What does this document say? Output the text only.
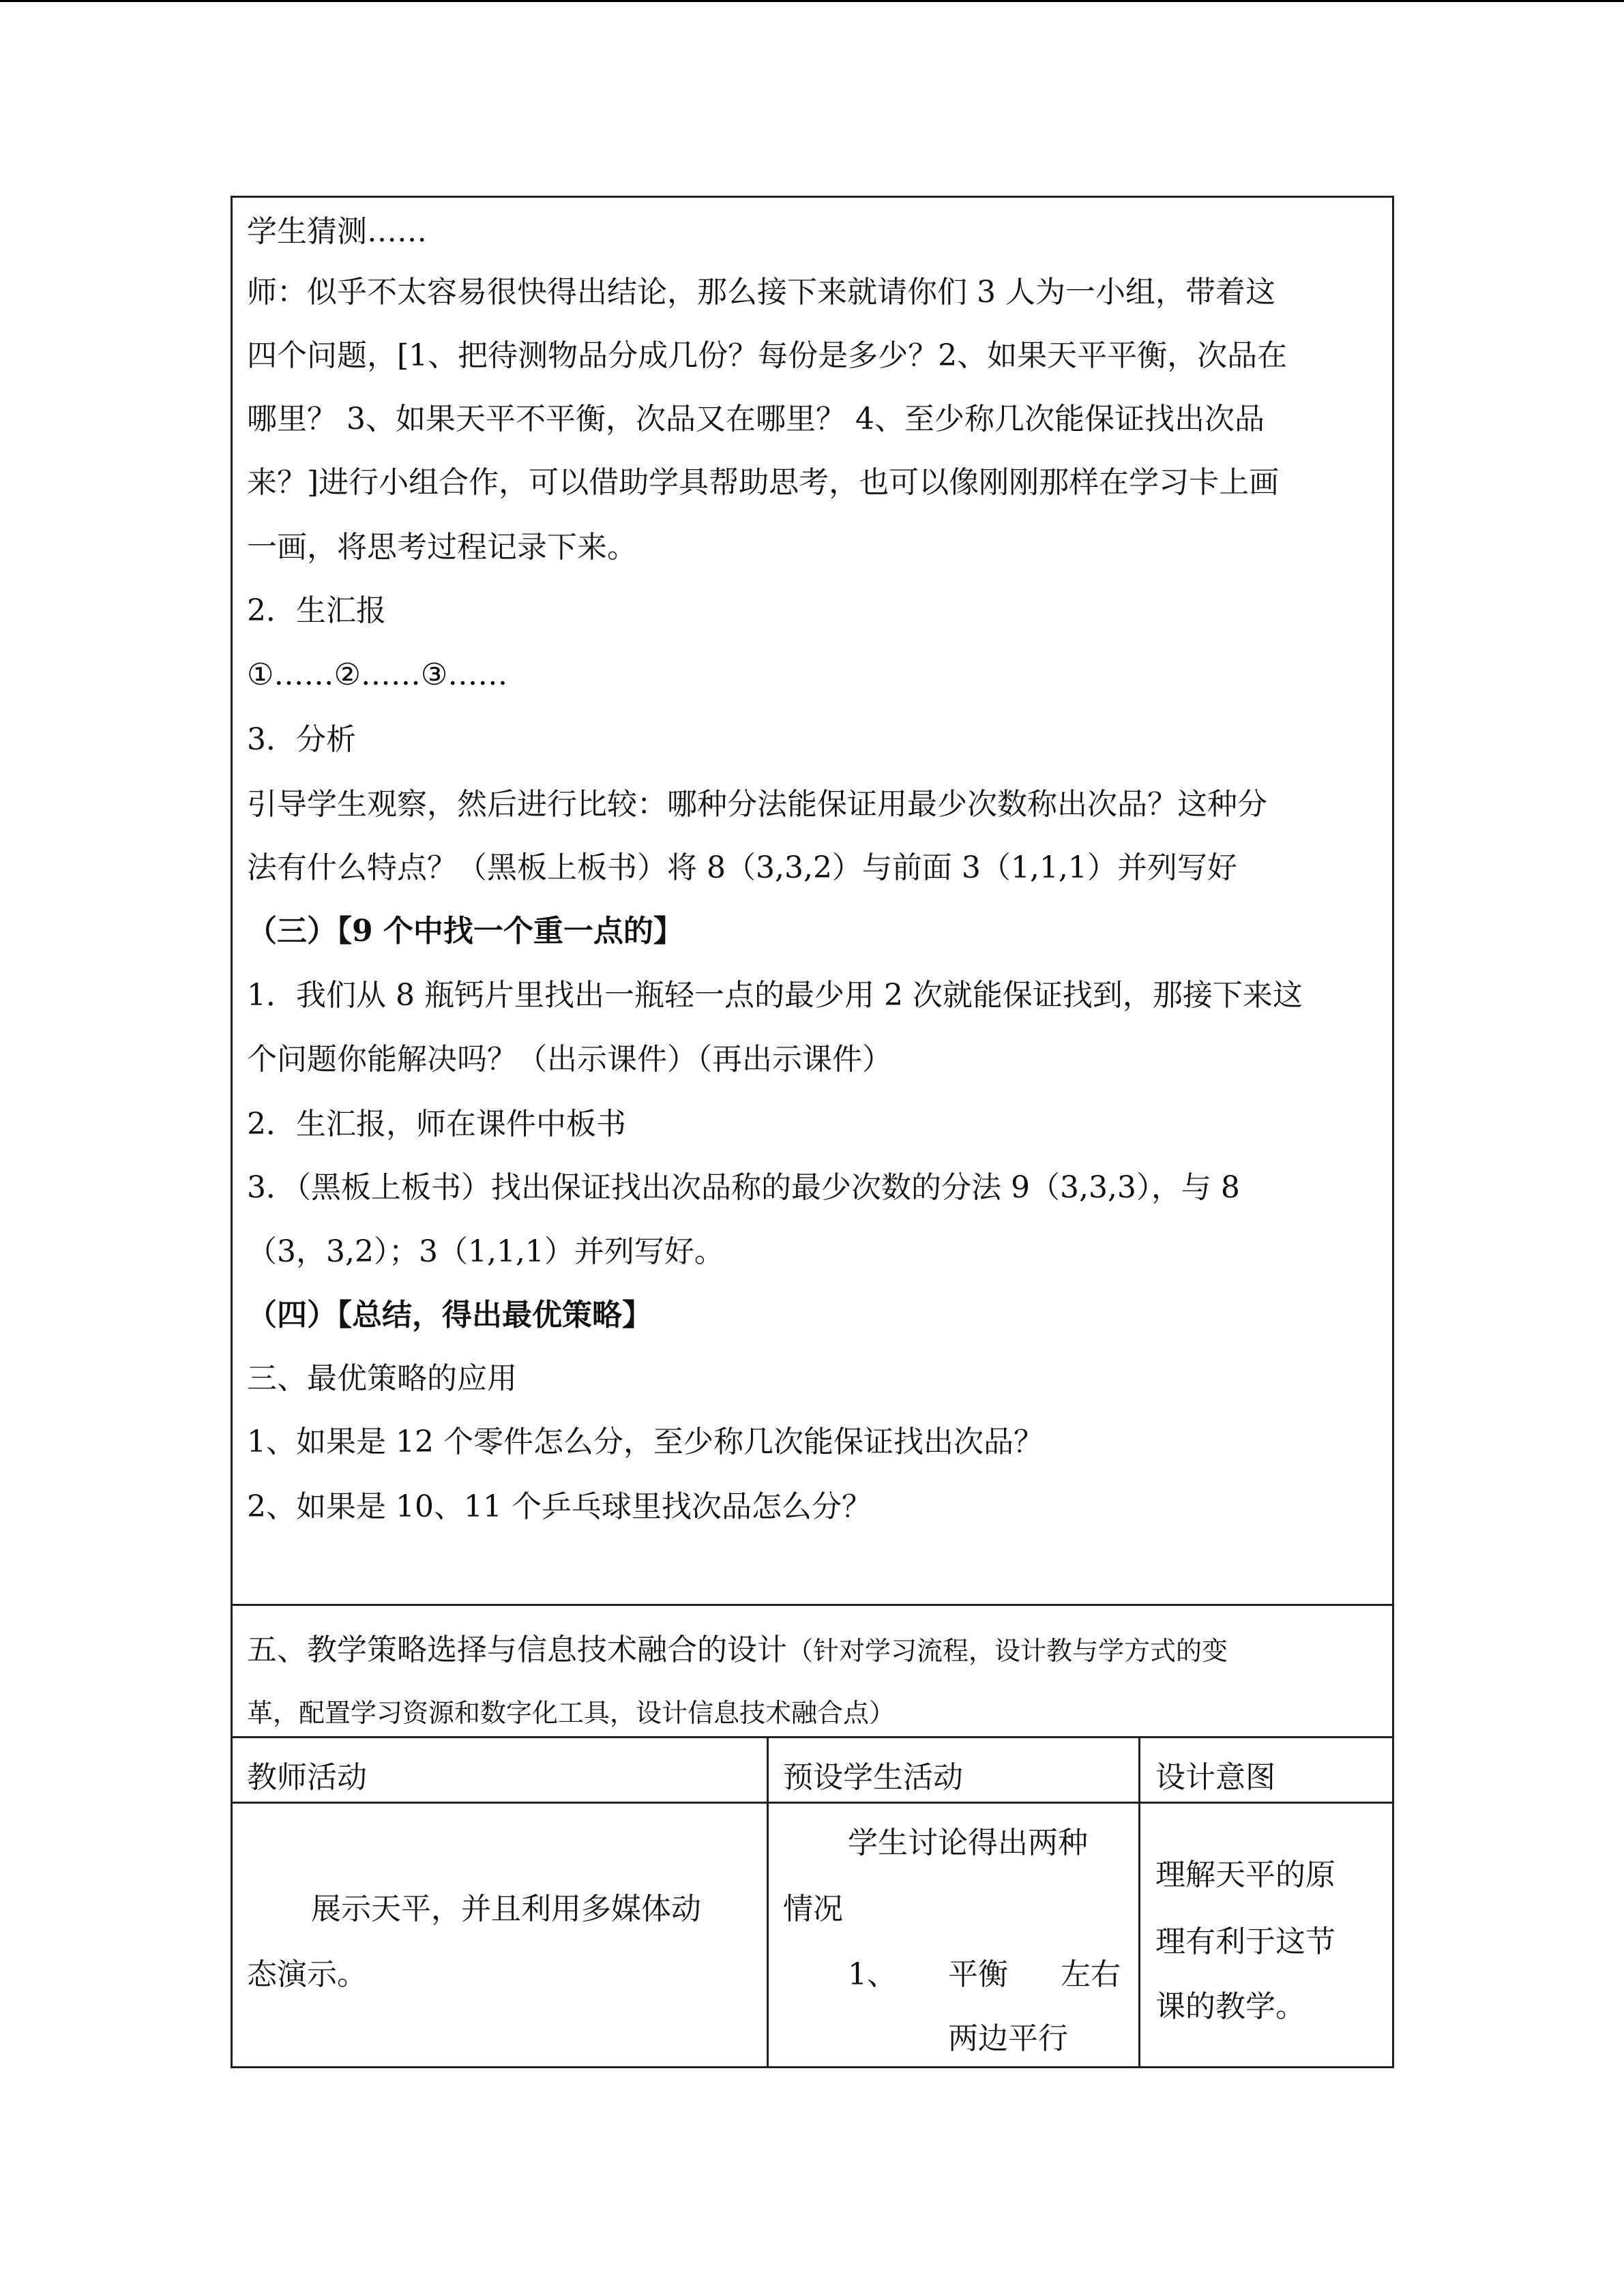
学生猜测……
师：似乎不太容易很快得出结论，那么接下来就请你们 3 人为一小组，带着这
四个问题，[1、把待测物品分成几份？每份是多少？2、如果天平平衡，次品在
哪里？ 3、如果天平不平衡，次品又在哪里？ 4、至少称几次能保证找出次品
来？]进行小组合作，可以借助学具帮助思考，也可以像刚刚那样在学习卡上画
一画，将思考过程记录下来。
2．生汇报
①……②……③……
3．分析
引导学生观察，然后进行比较：哪种分法能保证用最少次数称出次品？这种分
法有什么特点？（黑板上板书）将 8（3,3,2）与前面 3（1,1,1）并列写好
（三）【9 个中找一个重一点的】
1．我们从 8 瓶钙片里找出一瓶轻一点的最少用 2 次就能保证找到，那接下来这
个问题你能解决吗？（出示课件）（再出示课件）
2．生汇报，师在课件中板书
3．（黑板上板书）找出保证找出次品称的最少次数的分法 9（3,3,3），与 8
（3，3,2）；3（1,1,1）并列写好。
（四）【总结，得出最优策略】
三、最优策略的应用
1、如果是 12 个零件怎么分，至少称几次能保证找出次品？
2、如果是 10、11 个乒乓球里找次品怎么分？
五、教学策略选择与信息技术融合的设计（针对学习流程，设计教与学方式的变
革，配置学习资源和数字化工具，设计信息技术融合点）
教师活动	预设学生活动	设计意图
展示天平，并且利用多媒体动
态演示。
学生讨论得出两种
情况
1、 平衡 左右
两边平行
理解天平的原
理有利于这节
课的教学。
